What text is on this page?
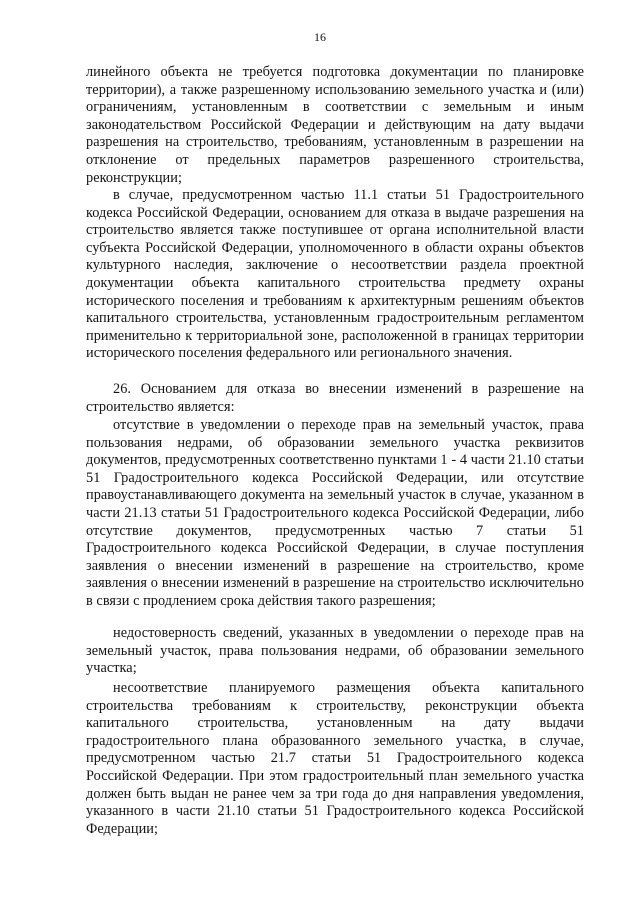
16

линейного объекта не требуется подготовка документации по планировке территории), а также разрешенному использованию земельного участка и (или) ограничениям, установленным в соответствии с земельным и иным законодательством Российской Федерации и действующим на дату выдачи разрешения на строительство, требованиям, установленным в разрешении на отклонение от предельных параметров разрешенного строительства, реконструкции;

в случае, предусмотренном частью 11.1 статьи 51 Градостроительного кодекса Российской Федерации, основанием для отказа в выдаче разрешения на строительство является также поступившее от органа исполнительной власти субъекта Российской Федерации, уполномоченного в области охраны объектов культурного наследия, заключение о несоответствии раздела проектной документации объекта капитального строительства предмету охраны исторического поселения и требованиям к архитектурным решениям объектов капитального строительства, установленным градостроительным регламентом применительно к территориальной зоне, расположенной в границах территории исторического поселения федерального или регионального значения.

26. Основанием для отказа во внесении изменений в разрешение на строительство является:

отсутствие в уведомлении о переходе прав на земельный участок, права пользования недрами, об образовании земельного участка реквизитов документов, предусмотренных соответственно пунктами 1 - 4 части 21.10 статьи 51 Градостроительного кодекса Российской Федерации, или отсутствие правоустанавливающего документа на земельный участок в случае, указанном в части 21.13 статьи 51 Градостроительного кодекса Российской Федерации, либо отсутствие документов, предусмотренных частью 7 статьи 51 Градостроительного кодекса Российской Федерации, в случае поступления заявления о внесении изменений в разрешение на строительство, кроме заявления о внесении изменений в разрешение на строительство исключительно в связи с продлением срока действия такого разрешения;

недостоверность сведений, указанных в уведомлении о переходе прав на земельный участок, права пользования недрами, об образовании земельного участка;

несоответствие планируемого размещения объекта капитального строительства требованиям к строительству, реконструкции объекта капитального строительства, установленным на дату выдачи градостроительного плана образованного земельного участка, в случае, предусмотренном частью 21.7 статьи 51 Градостроительного кодекса Российской Федерации. При этом градостроительный план земельного участка должен быть выдан не ранее чем за три года до дня направления уведомления, указанного в части 21.10 статьи 51 Градостроительного кодекса Российской Федерации;
